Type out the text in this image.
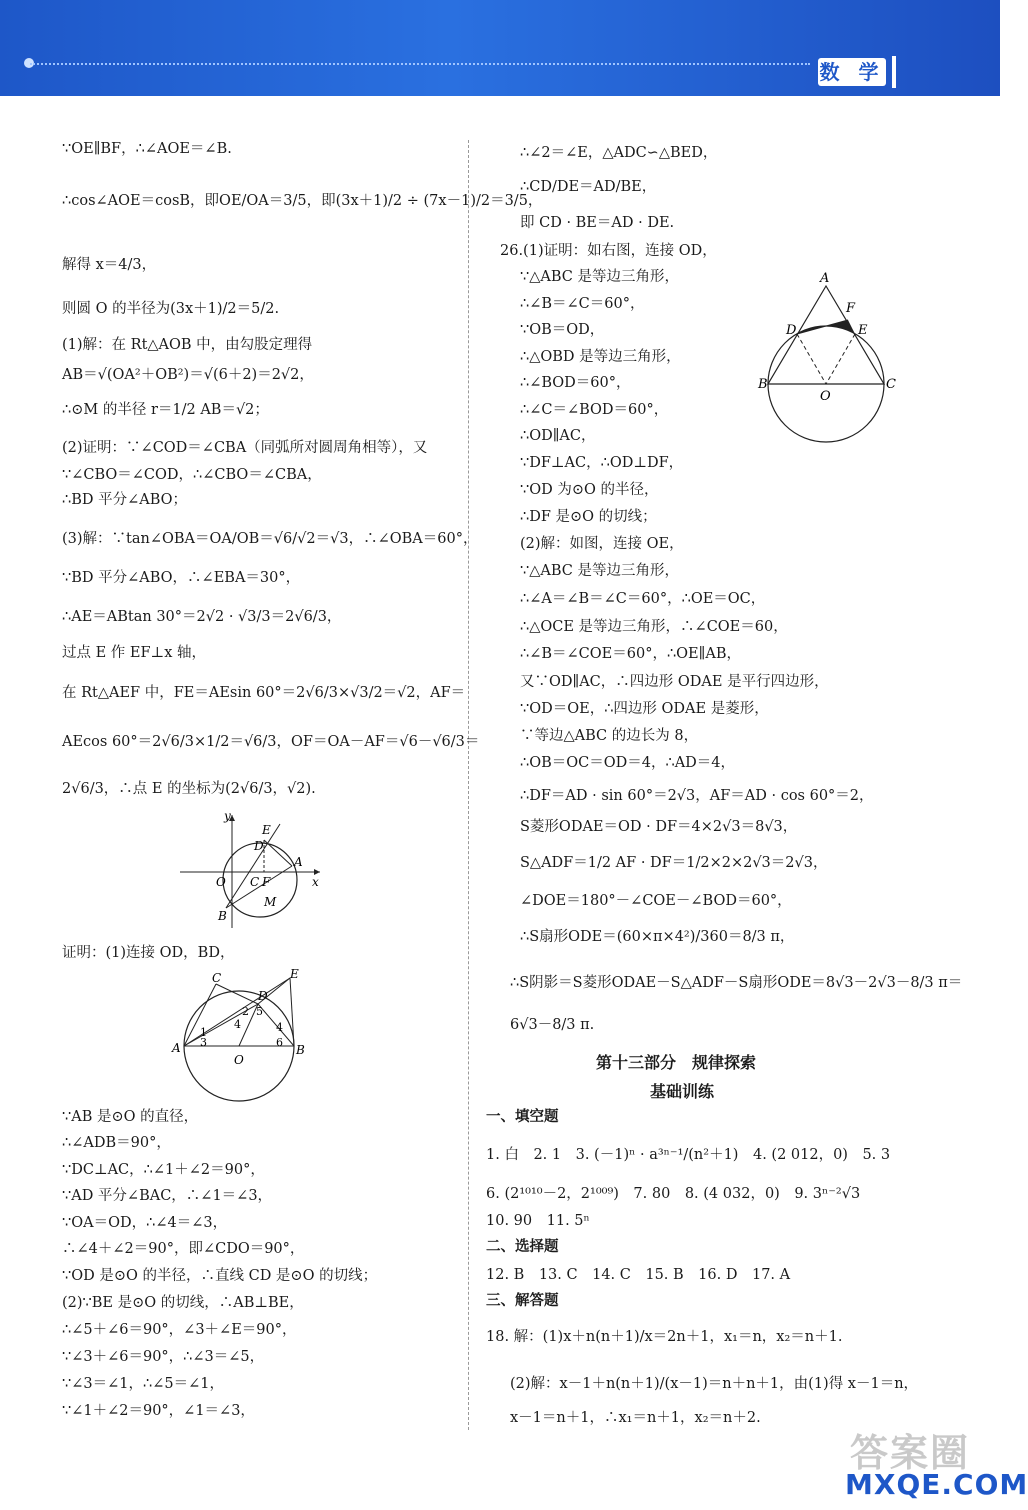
数 学
∵OE∥BF，∴∠AOE＝∠B.
∴cos∠AOE＝cosB，即OE/OA＝3/5，即(3x＋1)/2 ÷ (7x－1)/2＝3/5，
解得 x＝4/3，
则圆 O 的半径为(3x＋1)/2＝5/2.
(1)解：在 Rt△AOB 中，由勾股定理得
AB＝√(OA²＋OB²)＝√(6＋2)＝2√2，
∴⊙M 的半径 r＝1/2 AB＝√2；
(2)证明：∵∠COD＝∠CBA（同弧所对圆周角相等），又
∵∠CBO＝∠COD，∴∠CBO＝∠CBA，
∴BD 平分∠ABO；
(3)解：∵tan∠OBA＝OA/OB＝√6/√2＝√3，∴∠OBA＝60°，
∵BD 平分∠ABO，∴∠EBA＝30°，
∴AE＝ABtan 30°＝2√2 · √3/3＝2√6/3，
过点 E 作 EF⊥x 轴，
在 Rt△AEF 中，FE＝AEsin 60°＝2√6/3×√3/2＝√2，AF＝
AEcos 60°＝2√6/3×1/2＝√6/3，OF＝OA－AF＝√6－√6/3＝
2√6/3，∴点 E 的坐标为(2√6/3，√2).
y
E
D
A
O C F	x
B
M
证明：(1)连接 OD，BD，
4
C	E
D
2 5
4
1
3	6
A
O
B
∵AB 是⊙O 的直径，
∴∠ADB＝90°，
∵DC⊥AC，∴∠1＋∠2＝90°，
∵AD 平分∠BAC，∴∠1＝∠3，
∵OA＝OD，∴∠4＝∠3，
∴∠4＋∠2＝90°，即∠CDO＝90°，
∵OD 是⊙O 的半径，∴直线 CD 是⊙O 的切线；
(2)∵BE 是⊙O 的切线，∴AB⊥BE，
∴∠5＋∠6＝90°，∠3＋∠E＝90°，
∵∠3＋∠6＝90°，∴∠3＝∠5，
∵∠3＝∠1，∴∠5＝∠1，
∵∠1＋∠2＝90°，∠1＝∠3，
∴∠2＝∠E，△ADC∽△BED，
∴CD/DE＝AD/BE，
即 CD · BE＝AD · DE.
26.(1)证明：如右图，连接 OD，
∵△ABC 是等边三角形，
∴∠B＝∠C＝60°，
∵OB＝OD，
∴△OBD 是等边三角形，
∴∠BOD＝60°，
∴∠C＝∠BOD＝60°，
∴OD∥AC，
∵DF⊥AC，∴OD⊥DF，
∵OD 为⊙O 的半径，
∴DF 是⊙O 的切线；
(2)解：如图，连接 OE，
∵△ABC 是等边三角形，
∴∠A＝∠B＝∠C＝60°，∴OE＝OC，
∴△OCE 是等边三角形，∴∠COE＝60，
∴∠B＝∠COE＝60°，∴OE∥AB，
又∵OD∥AC，∴四边形 ODAE 是平行四边形，
∵OD＝OE，∴四边形 ODAE 是菱形，
∵等边△ABC 的边长为 8，
∴OB＝OC＝OD＝4，∴AD＝4，
∴DF＝AD · sin 60°＝2√3，AF＝AD · cos 60°＝2，
S菱形ODAE＝OD · DF＝4×2√3＝8√3，
S△ADF＝1/2 AF · DF＝1/2×2×2√3＝2√3，
∠DOE＝180°－∠COE－∠BOD＝60°，
∴S扇形ODE＝(60×π×4²)/360＝8/3 π，
∴S阴影＝S菱形ODAE－S△ADF－S扇形ODE＝8√3－2√3－8/3 π＝
6√3－8/3 π.
A
F
D	E
B
O
C
第十三部分　规律探索
基础训练
一、填空题
1. 白　2. 1　3. (－1)ⁿ · a³ⁿ⁻¹/(n²＋1)　4. (2 012，0)　5. 3
6. (2¹⁰¹⁰－2，2¹⁰⁰⁹)　7. 80　8. (4 032，0)　9. 3ⁿ⁻²√3
10. 90　11. 5ⁿ
二、选择题
12. B　13. C　14. C　15. B　16. D　17. A
三、解答题
18. 解：(1)x＋n(n＋1)/x＝2n＋1，x₁＝n，x₂＝n＋1.
(2)解：x－1＋n(n＋1)/(x－1)＝n＋n＋1，由(1)得 x－1＝n，
x－1＝n＋1，∴x₁＝n＋1，x₂＝n＋2.
答案圈
MXQE.COM
